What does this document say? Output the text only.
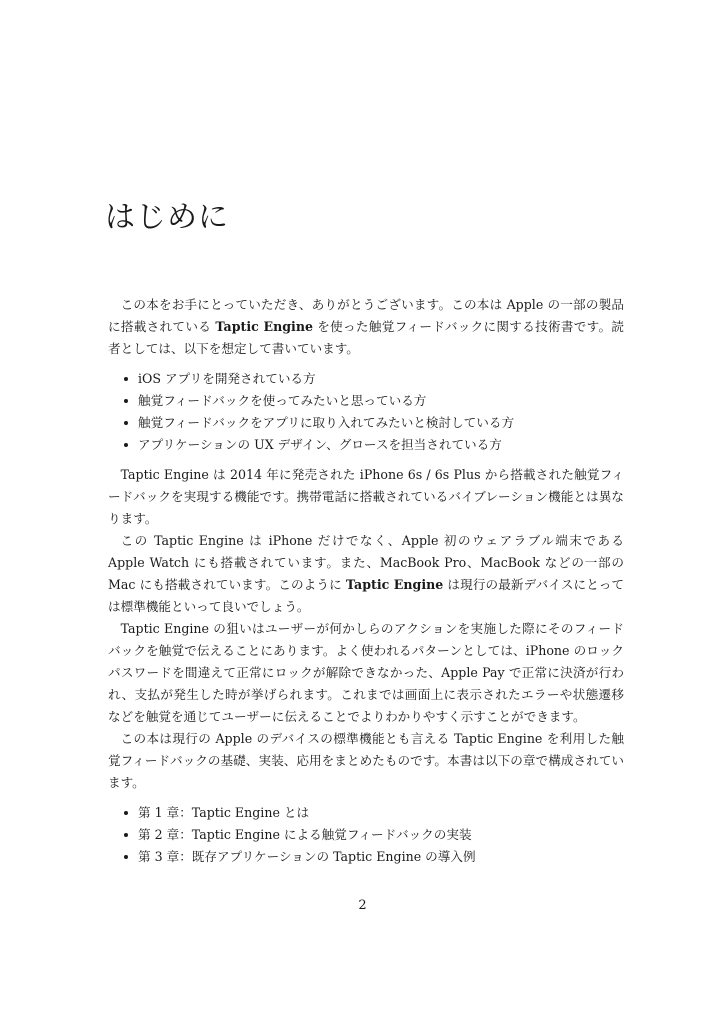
はじめに

この本をお手にとっていただき、ありがとうございます。この本は Apple の一部の製品に搭載されている Taptic Engine を使った触覚フィードバックに関する技術書です。読者としては、以下を想定して書いています。

iOS アプリを開発されている方
触覚フィードバックを使ってみたいと思っている方
触覚フィードバックをアプリに取り入れてみたいと検討している方
アプリケーションの UX デザイン、グロースを担当されている方

Taptic Engine は 2014 年に発売された iPhone 6s / 6s Plus から搭載された触覚フィードバックを実現する機能です。携帯電話に搭載されているバイブレーション機能とは異なります。

この Taptic Engine は iPhone だけでなく、Apple 初のウェアラブル端末である Apple Watch にも搭載されています。また、MacBook Pro、MacBook などの一部の Mac にも搭載されています。このように Taptic Engine は現行の最新デバイスにとっては標準機能といって良いでしょう。

Taptic Engine の狙いはユーザーが何かしらのアクションを実施した際にそのフィードバックを触覚で伝えることにあります。よく使われるパターンとしては、iPhone のロックパスワードを間違えて正常にロックが解除できなかった、Apple Pay で正常に決済が行われ、支払が発生した時が挙げられます。これまでは画面上に表示されたエラーや状態遷移などを触覚を通じてユーザーに伝えることでよりわかりやすく示すことができます。

この本は現行の Apple のデバイスの標準機能とも言える Taptic Engine を利用した触覚フィードバックの基礎、実装、応用をまとめたものです。本書は以下の章で構成されています。

第 1 章：Taptic Engine とは
第 2 章：Taptic Engine による触覚フィードバックの実装
第 3 章：既存アプリケーションの Taptic Engine の導入例
2
